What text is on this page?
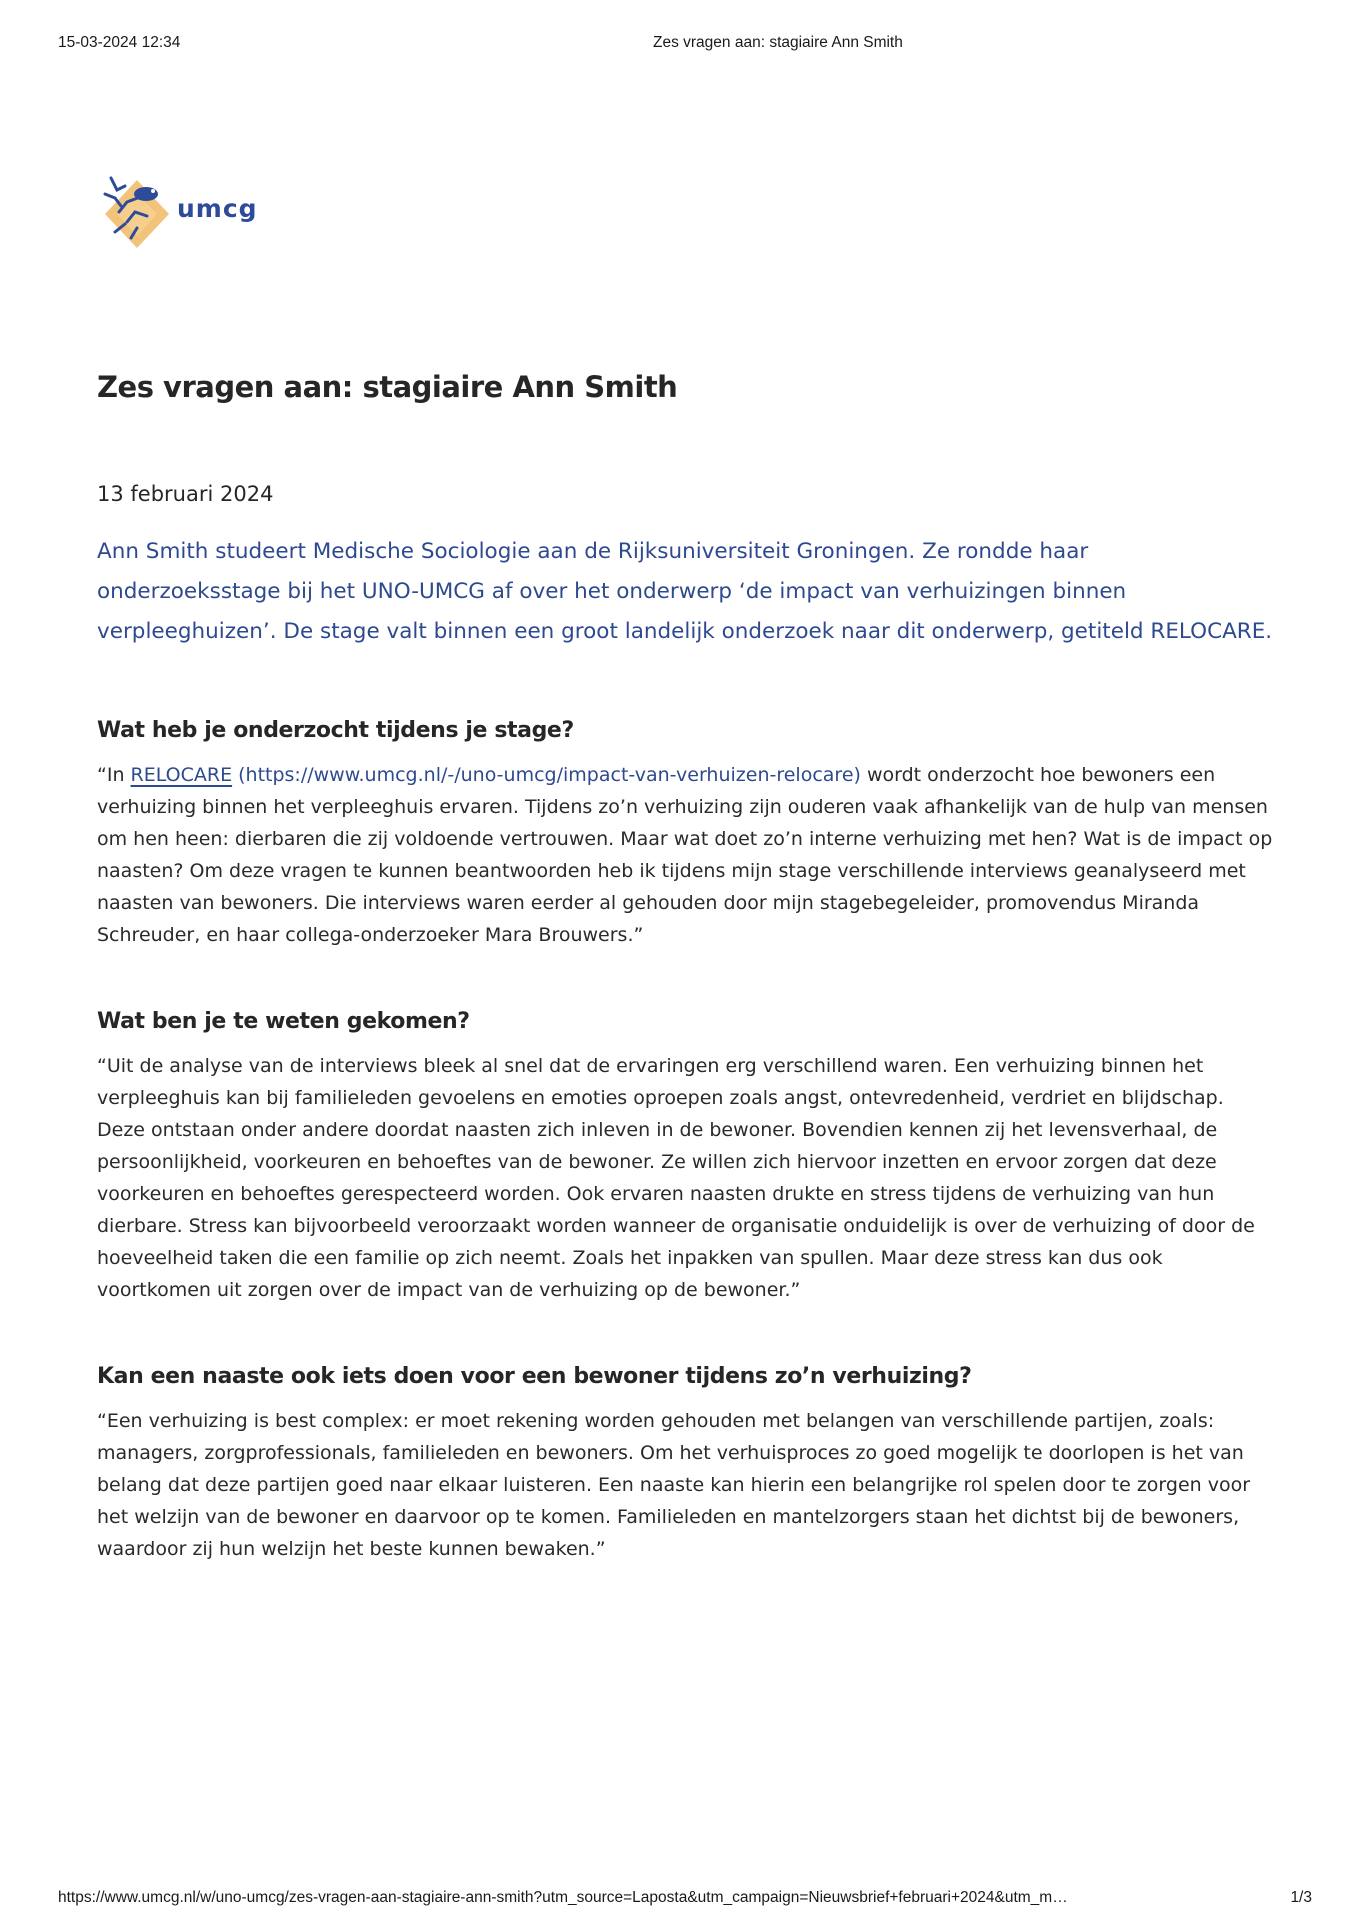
15-03-2024 12:34	Zes vragen aan: stagiaire Ann Smith
umcg
Zes vragen aan: stagiaire Ann Smith
13 februari 2024
Ann Smith studeert Medische Sociologie aan de Rijksuniversiteit Groningen. Ze rondde haar onderzoeksstage bij het UNO-UMCG af over het onderwerp ‘de impact van verhuizingen binnen verpleeghuizen’. De stage valt binnen een groot landelijk onderzoek naar dit onderwerp, getiteld RELOCARE.
Wat heb je onderzocht tijdens je stage?

“In RELOCARE (https://www.umcg.nl/-/uno-umcg/impact-van-verhuizen-relocare) wordt onderzocht hoe bewoners een verhuizing binnen het verpleeghuis ervaren. Tijdens zo’n verhuizing zijn ouderen vaak afhankelijk van de hulp van mensen om hen heen: dierbaren die zij voldoende vertrouwen. Maar wat doet zo’n interne verhuizing met hen? Wat is de impact op naasten? Om deze vragen te kunnen beantwoorden heb ik tijdens mijn stage verschillende interviews geanalyseerd met naasten van bewoners. Die interviews waren eerder al gehouden door mijn stagebegeleider, promovendus Miranda Schreuder, en haar collega-onderzoeker Mara Brouwers.”

Wat ben je te weten gekomen?

“Uit de analyse van de interviews bleek al snel dat de ervaringen erg verschillend waren. Een verhuizing binnen het verpleeghuis kan bij familieleden gevoelens en emoties oproepen zoals angst, ontevredenheid, verdriet en blijdschap. Deze ontstaan onder andere doordat naasten zich inleven in de bewoner. Bovendien kennen zij het levensverhaal, de persoonlijkheid, voorkeuren en behoeftes van de bewoner. Ze willen zich hiervoor inzetten en ervoor zorgen dat deze voorkeuren en behoeftes gerespecteerd worden. Ook ervaren naasten drukte en stress tijdens de verhuizing van hun dierbare. Stress kan bijvoorbeeld veroorzaakt worden wanneer de organisatie onduidelijk is over de verhuizing of door de hoeveelheid taken die een familie op zich neemt. Zoals het inpakken van spullen. Maar deze stress kan dus ook voortkomen uit zorgen over de impact van de verhuizing op de bewoner.”

Kan een naaste ook iets doen voor een bewoner tijdens zo’n verhuizing?

“Een verhuizing is best complex: er moet rekening worden gehouden met belangen van verschillende partijen, zoals: managers, zorgprofessionals, familieleden en bewoners. Om het verhuisproces zo goed mogelijk te doorlopen is het van belang dat deze partijen goed naar elkaar luisteren. Een naaste kan hierin een belangrijke rol spelen door te zorgen voor het welzijn van de bewoner en daarvoor op te komen. Familieleden en mantelzorgers staan het dichtst bij de bewoners, waardoor zij hun welzijn het beste kunnen bewaken.”

https://www.umcg.nl/w/uno-umcg/zes-vragen-aan-stagiaire-ann-smith?utm_source=Laposta&utm_campaign=Nieuwsbrief+februari+2024&utm_m…	1/3
